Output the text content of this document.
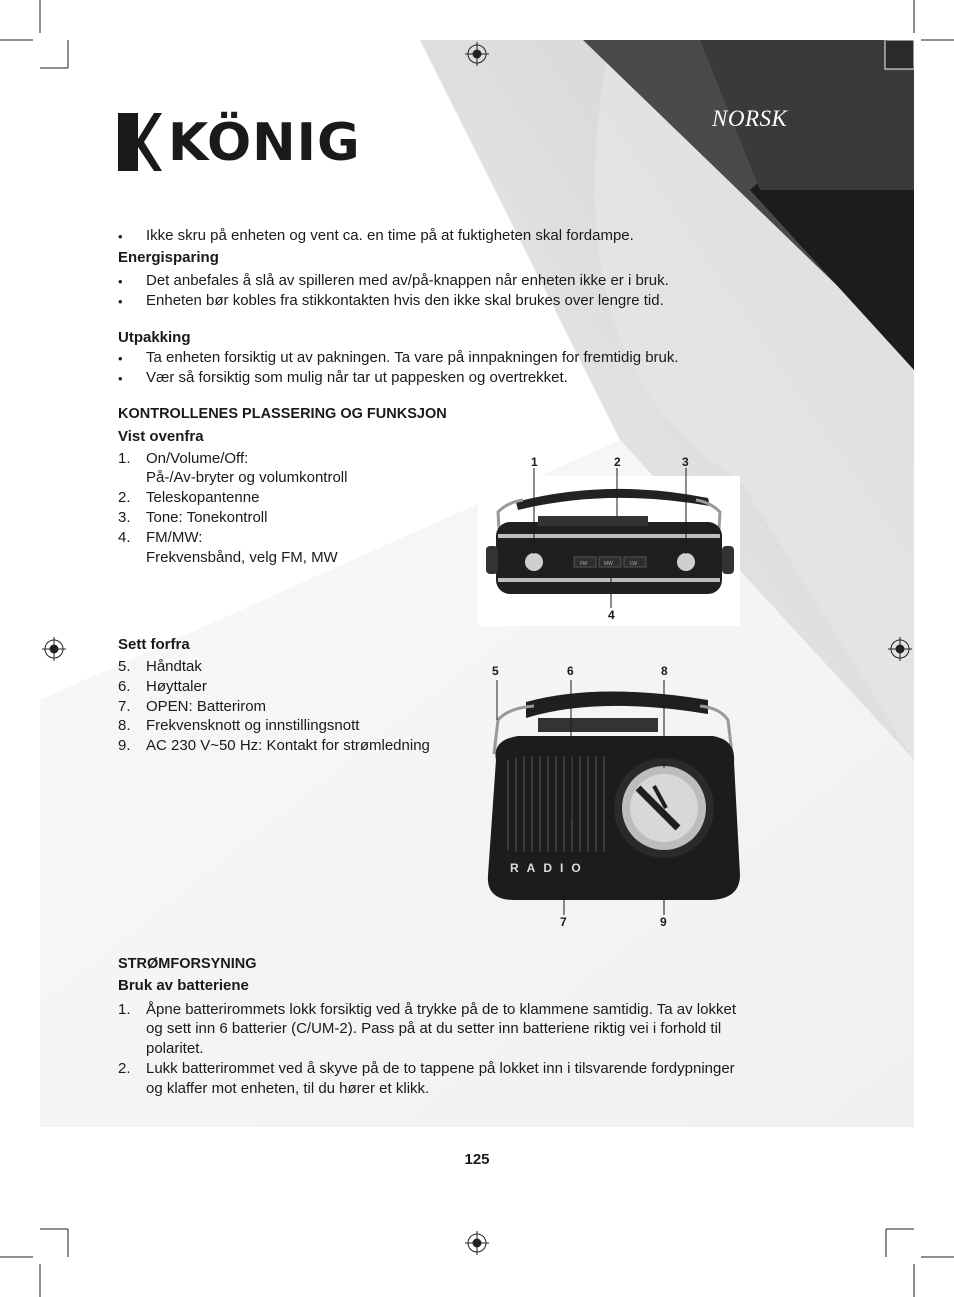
KÖNIG	NORSK
• Ikke skru på enheten og vent ca. en time på at fuktigheten skal fordampe.
Energisparing
• Det anbefales å slå av spilleren med av/på-knappen når enheten ikke er i bruk.
• Enheten bør kobles fra stikkontakten hvis den ikke skal brukes over lengre tid.
Utpakking
• Ta enheten forsiktig ut av pakningen. Ta vare på innpakningen for fremtidig bruk.
• Vær så forsiktig som mulig når tar ut pappesken og overtrekket.
KONTROLLENES PLASSERING OG FUNKSJON
Vist ovenfra
1. On/Volume/Off:
På-/Av-bryter og volumkontroll
2. Teleskopantenne
3. Tone: Tonekontroll
4. FM/MW:
Frekvensbånd, velg FM, MW	FM	MW	LW
1	2	3
4
Sett forfra
5. Håndtak
6. Høyttaler
7. OPEN: Batterirom
8. Frekvensknott og innstillingsnott
9. AC 230 V~50 Hz: Kontakt for strømledning
RADIO
5	6	8
7	9
STRØMFORSYNING
Bruk av batteriene
1. Åpne batterirommets lokk forsiktig ved å trykke på de to klammene samtidig. Ta av lokket
og sett inn 6 batterier (C/UM-2). Pass på at du setter inn batteriene riktig vei i forhold til
polaritet.
2. Lukk batterirommet ved å skyve på de to tappene på lokket inn i tilsvarende fordypninger
og klaffer mot enheten, til du hører et klikk.
125
